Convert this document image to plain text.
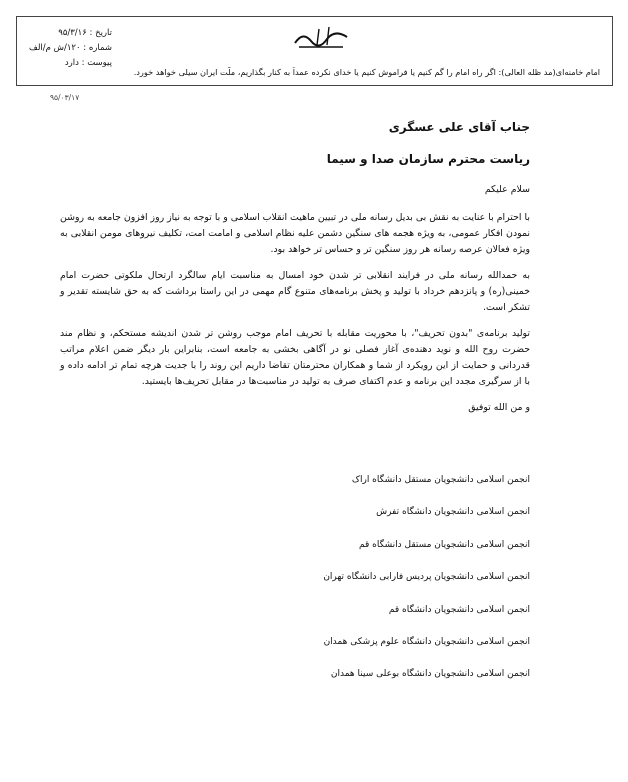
امام خامنه‌ای(مد ظله العالی): اگر راه امام را گم کنیم یا فراموش کنیم یا خدای نکرده عمداً به کنار بگذاریم، ملّت ایران سیلی خواهد خورد.
تاریخ : ۹۵/۳/۱۶
شماره : ۱۲۰/ش م/الف
پیوست : دارد
۹۵/۰۳/۱۷
جناب آقای علی عسگری
ریاست محترم سازمان صدا و سیما
سلام علیکم
با احترام با عنایت به نقش بی بدیل رسانه ملی در تبیین ماهیت انقلاب اسلامی و با توجه به نیاز روز افزون جامعه به روشن نمودن افکار عمومی، به ویژه هجمه های سنگین دشمن علیه نظام اسلامی و امامت امت، تکلیف نیروهای مومن انقلابی به ویژه فعالان عرصه رسانه هر روز سنگین تر و حساس تر خواهد بود.
به حمدالله رسانه ملی در فرایند انقلابی تر شدن خود امسال به مناسبت ایام سالگرد ارتحال ملکوتی حضرت امام خمینی(ره) و پانزدهم خرداد با تولید و پخش برنامه‌های متنوع گام مهمی در این راستا برداشت که به حق شایسته تقدیر و تشکر است.
تولید برنامه‌ی "بدون تحریف"، با محوریت مقابله با تحریف امام موجب روشن تر شدن اندیشه مستحکم، و نظام مند حضرت روح الله و نوید دهنده‌ی آغاز فصلی نو در آگاهی بخشی به جامعه است، بنابراین بار دیگر ضمن اعلام مراتب قدردانی و حمایت از این رویکرد از شما و همکاران محترمتان تقاضا داریم این روند را با جدیت هرچه تمام تر ادامه داده و با از سرگیری مجدد این برنامه و عدم اکتفای صرف به تولید در مناسبت‌ها در مقابل تحریف‌ها بایستید.
و من الله توفیق
انجمن اسلامی دانشجویان مستقل دانشگاه اراک
انجمن اسلامی دانشجویان دانشگاه تفرش
انجمن اسلامی دانشجویان مستقل دانشگاه قم
انجمن اسلامی دانشجویان پردیس فارابی دانشگاه تهران
انجمن اسلامی دانشجویان دانشگاه قم
انجمن اسلامی دانشجویان دانشگاه علوم پزشکی همدان
انجمن اسلامی دانشجویان دانشگاه بوعلی سینا همدان
